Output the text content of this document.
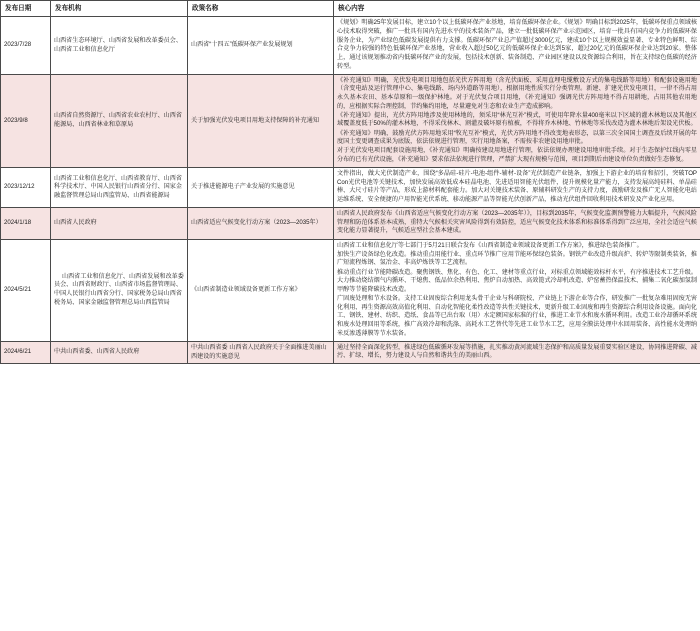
发布日期	发布机构	政策名称	核心内容
2023/7/28	山西省生态环境厅、山西省发展和改革委员会、山西省工业和信息化厅	山西省“十四五”低碳环保产业发展规划	《规划》明确25年发展目标，建立10个以上低碳环保产业基地，培育低碳环保企业。《规划》明确目标到2025年，低碳环保重点领域核心技术取得突破，推广一批具有国内先进水平的技术装备产品，建立一批低碳环保产业示范园区，培育一批具有国内竞争力的低碳环保服务企业，为产业绿色低碳发展提供有力支撑。低碳环保产业总产值超过3000亿元，建成10个以上规模效益显著、专业特色鲜明、综合竞争力较强的特色低碳环保产业基地，营业收入超过50亿元的低碳环保企业达到5家，超过20亿元的低碳环保企业达到20家。整体上，通过该规划推动省内低碳环保产业的发展，包括技术创新、装备制造、产业园区建设以及资源综合利用，旨在支持绿色低碳的经济转型。

2023/9/8	山西省自然资源厅、山西省农业农村厅、山西省能源局、山西省林业和草原局	关于加强光伏发电项目用地支持保障的补充通知	《补充通知》明确，光伏发电项目用地包括光伏方阵用地（含光伏面板、采用直埋电缆敷设方式的集电线路等用地）和配套设施用地（含变电站及运行管理中心、集电线路、场内外道路等用地），根据用地性质实行分类管理。新建、扩建光伏发电项目，一律不得占用永久基本农田、基本草原和一级保护林地。对于光伏复合项目用地，《补充通知》强调光伏方阵用地不得占用耕地，占用其他农用地的，应根据实际合理控制，节约集约用地，尽量避免对生态和农业生产造成影响。

《补充通知》提出，光伏方阵用地涉及使用林地的，须采用“林光互补”模式，可使用年降水量400毫米以下区域的灌木林地以及其他区域覆盖度低于50%的灌木林地，不得采伐林木、割灌及破坏原有植被，不得将乔木林地、竹林地等采伐改造为灌木林地后架设光伏板。

《补充通知》明确，鼓励光伏方阵用地采用“牧光互补”模式，光伏方阵用地不得改变地表形态，以第三次全国国土调查及后续开展的年度国土变更调查成果为底版，依法依规进行管理，实行用地备案，不需按非农建设用地审批。

对于光伏发电项目配套设施用地，《补充通知》明确按建设用地进行管理，依法依规办理建设用地审批手续。对于生态保护红线内零星分布的已有光伏设施，《补充通知》要求依法依规进行管理，严禁扩大现有规模与范围，项目到期后由建设单位负责做好生态修复。

2023/12/12	山西省工业和信息化厅、山西省教育厅、山西省科学技术厅、中国人民银行山西省分行、国家金融监督管理总局山西监管局、山西省能源局	关于推进能源电子产业发展的实施意见	文件指出，做大光伏制造产业，围绕“多晶硅-硅片-电池-组件-辅材-设备”光伏制造产业链条，加强上下游企业的培育和招引，突破TOPCon光伏电池等关键技术，加快发展高效低成本硅晶电池、先进适用智能光伏组件，提升规模化量产能力，支持发展高纯硅料、单晶硅棒、大尺寸硅片等产品，形成上游材料配套能力。加大对关键技术装备、原辅料研发生产的支持力度，鼓励研发及推广无人智能化电站运维系统、安全便捷的户用智能光伏系统、移动能源产品等智能光伏创新产品，推动光伏组件回收利用技术研发及产业化应用。

2024/1/18	山西省人民政府	山西省适应气候变化行动方案（2023—2035年）	山西省人民政府发布《山西省适应气候变化行动方案（2023—2035年）》，目标到2035年，气候变化监测预警能力大幅提升，气候风险管理和防范体系基本成熟，重特大气候相关灾害风险得到有效防控，适应气候变化技术体系和标准体系得到广泛应用，全社会适应气候变化能力显著提升，气候适应型社会基本建成。

2024/5/21	山西省工业和信息化厅、山西省发展和改革委员会、山西省财政厅、山西省市场监督管理局、中国人民银行山西省分行、国家税务总局山西省税务局、国家金融监督管理总局山西监管局	《山西省制造业领域设备更新工作方案》	山西省工业和信息化厅等七部门于5月21日联合发布《山西省制造业领域设备更新工作方案》，推进绿色装备推广。

加快生产设备绿色化改造。推动重点用能行业、重点环节推广应用节能环保绿色装备。钢铁产业改造升级高炉、转炉等限制类装备，推广短流程炼钢、氢冶金、非高炉炼铁等工艺流程。

推动重点行业节能降碳改造。聚焦钢铁、焦化、有色、化工、建材等重点行业，对标重点领域能效标杆水平，有序推进技术工艺升级。大力推动烧结烟气内循环、干熄焦、低品位余热利用、焦炉自动加热、高效篦式冷却机改造、炉窑蓄热保温技术、捕集二氧化碳加氢制甲醇等节能降碳技术改造。

广固废处理和节水设备。支持工业固废综合利用龙头骨干企业与科研院校、产业链上下游企业等合作，研发推广一批复杂难用固废无害化利用、再生资源高效高值化利用、自动化智能化柔性改造等共性关键技术，更新升级工业固废和再生资源综合利用设备设施。面向化工、钢铁、建材、纺织、造纸、食品等已出台取（用）水定额国家标准的行业，推进工业节水和废水循环利用。改造工业冷却循环系统和废水处理回用等系统，推广高效冷却和洗涤、高耗水工艺替代等先进工业节水工艺，应用全膜法处理中水回用装备、高性能水处理纳米反渗透薄膜等节水装备。

2024/6/21	中共山西省委、山西省人民政府	中共山西省委 山西省人民政府关于全面推进美丽山西建设的实施意见	通过坚持全面深化转型，推进绿色低碳循环发展等措施，扎实推动黄河流域生态保护和高质量发展重要实验区建设，协同推进降碳、减污、扩绿、增长，努力建设人与自然和谐共生的美丽山西。
